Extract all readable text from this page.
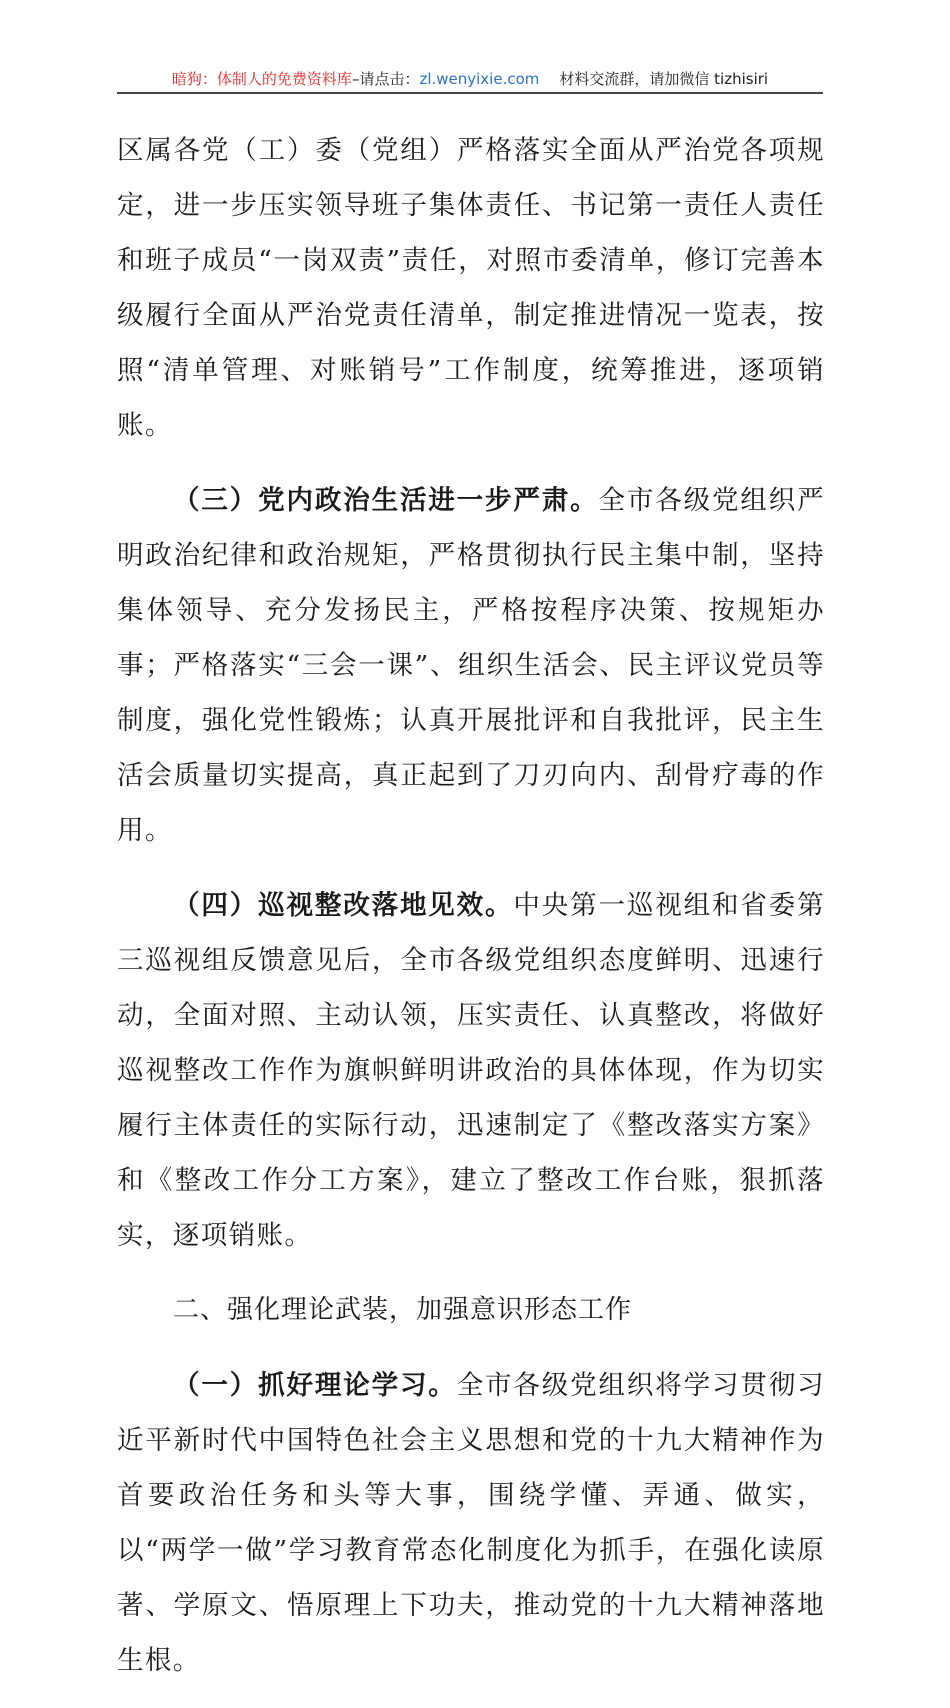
暗狗：体制人的免费资料库–请点击：zl.wenyixie.com 材料交流群，请加微信 tizhisiri

区属各党（工）委（党组）严格落实全面从严治党各项规定，进一步压实领导班子集体责任、书记第一责任人责任和班子成员“一岗双责”责任，对照市委清单，修订完善本级履行全面从严治党责任清单，制定推进情况一览表，按照“清单管理、对账销号”工作制度，统筹推进，逐项销账。

（三）党内政治生活进一步严肃。全市各级党组织严明政治纪律和政治规矩，严格贯彻执行民主集中制，坚持集体领导、充分发扬民主，严格按程序决策、按规矩办事；严格落实“三会一课”、组织生活会、民主评议党员等制度，强化党性锻炼；认真开展批评和自我批评，民主生活会质量切实提高，真正起到了刀刃向内、刮骨疗毒的作用。

（四）巡视整改落地见效。中央第一巡视组和省委第三巡视组反馈意见后，全市各级党组织态度鲜明、迅速行动，全面对照、主动认领，压实责任、认真整改，将做好巡视整改工作作为旗帜鲜明讲政治的具体体现，作为切实履行主体责任的实际行动，迅速制定了《整改落实方案》和《整改工作分工方案》，建立了整改工作台账，狠抓落实，逐项销账。

二、强化理论武装，加强意识形态工作

（一）抓好理论学习。全市各级党组织将学习贯彻习近平新时代中国特色社会主义思想和党的十九大精神作为首要政治任务和头等大事，围绕学懂、弄通、做实，以“两学一做”学习教育常态化制度化为抓手，在强化读原著、学原文、悟原理上下功夫，推动党的十九大精神落地生根。
